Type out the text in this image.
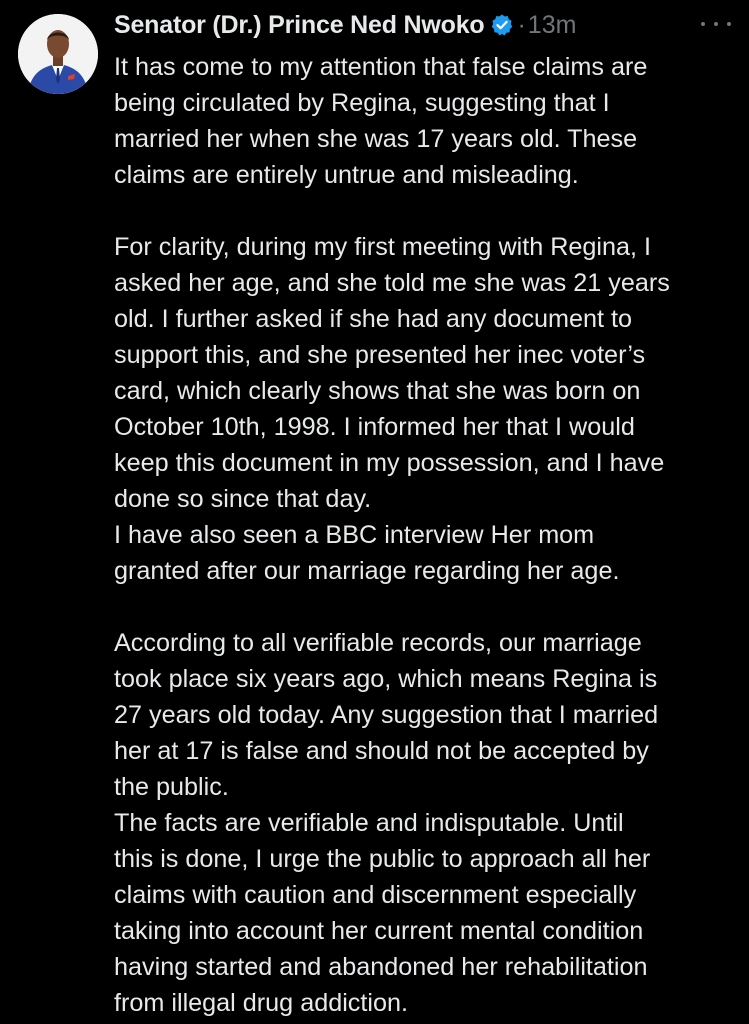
Senator (Dr.) Prince Ned Nwoko · 13m
It has come to my attention that false claims are
being circulated by Regina, suggesting that I
married her when she was 17 years old. These
claims are entirely untrue and misleading.
For clarity, during my first meeting with Regina, I
asked her age, and she told me she was 21 years
old. I further asked if she had any document to
support this, and she presented her inec voter’s
card, which clearly shows that she was born on
October 10th, 1998. I informed her that I would
keep this document in my possession, and I have
done so since that day.
I have also seen a BBC interview Her mom
granted after our marriage regarding her age.
According to all verifiable records, our marriage
took place six years ago, which means Regina is
27 years old today. Any suggestion that I married
her at 17 is false and should not be accepted by
the public.
The facts are verifiable and indisputable. Until
this is done, I urge the public to approach all her
claims with caution and discernment especially
taking into account her current mental condition
having started and abandoned her rehabilitation
from illegal drug addiction.
